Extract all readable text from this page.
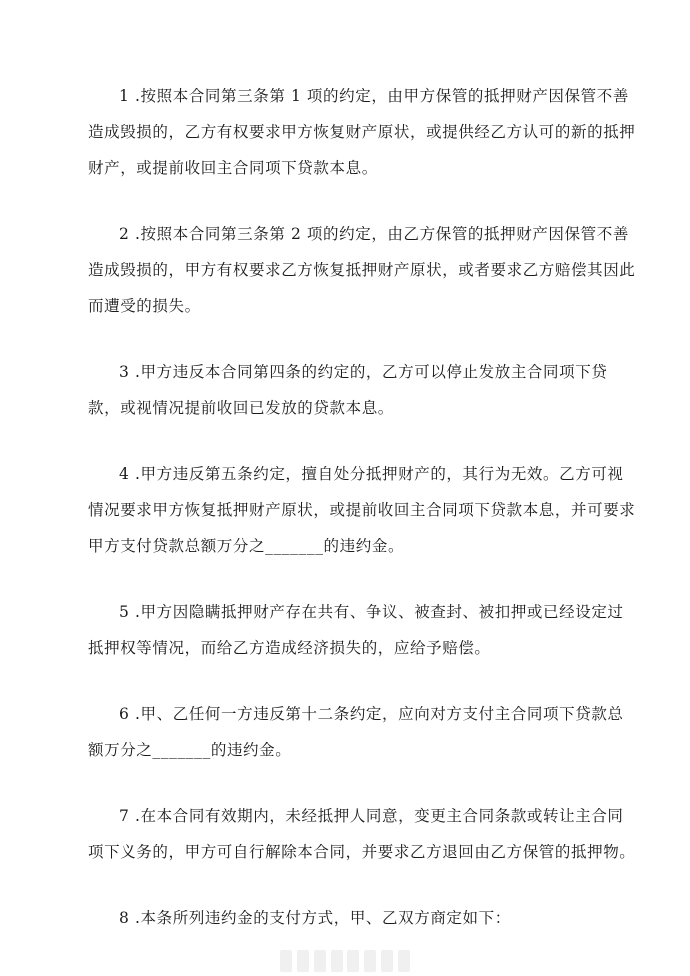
1 .按照本合同第三条第 1 项的约定，由甲方保管的抵押财产因保管不善造成毁损的，乙方有权要求甲方恢复财产原状，或提供经乙方认可的新的抵押财产，或提前收回主合同项下贷款本息。

2 .按照本合同第三条第 2 项的约定，由乙方保管的抵押财产因保管不善造成毁损的，甲方有权要求乙方恢复抵押财产原状，或者要求乙方赔偿其因此而遭受的损失。

3 .甲方违反本合同第四条的约定的，乙方可以停止发放主合同项下贷款，或视情况提前收回已发放的贷款本息。

4 .甲方违反第五条约定，擅自处分抵押财产的，其行为无效。乙方可视情况要求甲方恢复抵押财产原状，或提前收回主合同项下贷款本息，并可要求甲方支付贷款总额万分之_______的违约金。

5 .甲方因隐瞒抵押财产存在共有、争议、被查封、被扣押或已经设定过抵押权等情况，而给乙方造成经济损失的，应给予赔偿。

6 .甲、乙任何一方违反第十二条约定，应向对方支付主合同项下贷款总额万分之_______的违约金。

7 .在本合同有效期内，未经抵押人同意，变更主合同条款或转让主合同项下义务的，甲方可自行解除本合同，并要求乙方退回由乙方保管的抵押物。

8 .本条所列违约金的支付方式，甲、乙双方商定如下：
